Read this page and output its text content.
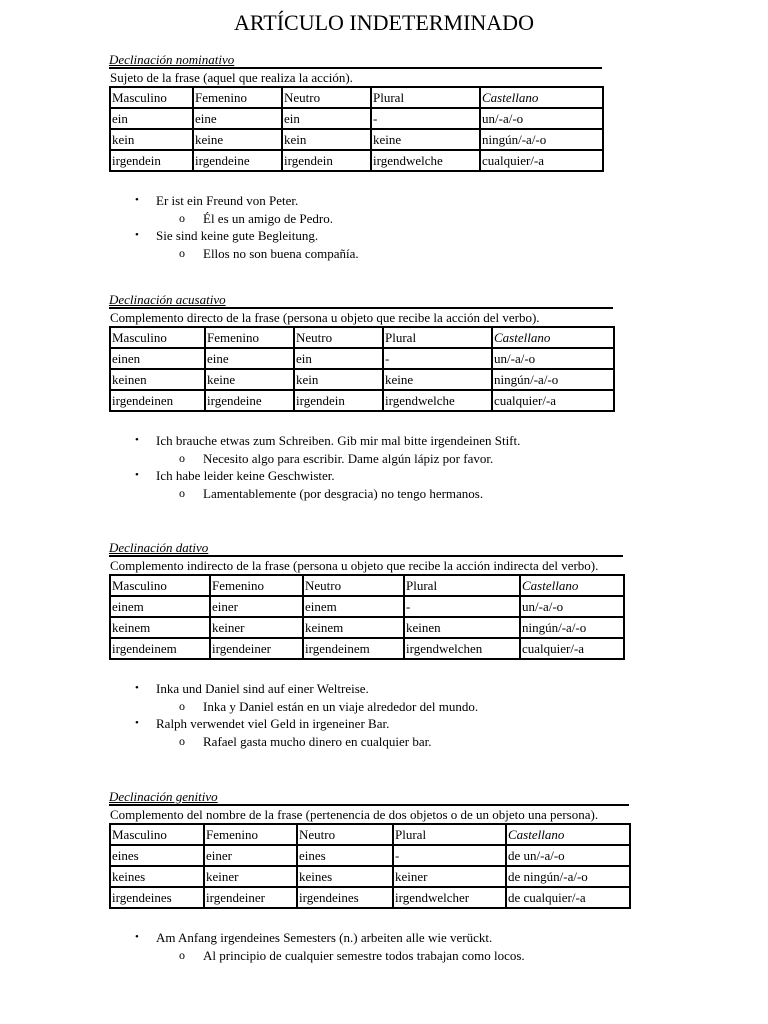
ARTÍCULO INDETERMINADO
Declinación nominativo
Sujeto de la frase (aquel que realiza la acción).
Masculino	Femenino	Neutro	Plural	Castellano
ein	eine	ein	-	un/-a/-o
kein	keine	kein	keine	ningún/-a/-o
irgendein	irgendeine	irgendein	irgendwelche	cualquier/-a
• Er ist ein Freund von Peter.
o Él es un amigo de Pedro.
• Sie sind keine gute Begleitung.
o Ellos no son buena compañía.
Declinación acusativo
Complemento directo de la frase (persona u objeto que recibe la acción del verbo).
Masculino	Femenino	Neutro	Plural	Castellano
einen	eine	ein	-	un/-a/-o
keinen	keine	kein	keine	ningún/-a/-o
irgendeinen	irgendeine	irgendein	irgendwelche	cualquier/-a
• Ich brauche etwas zum Schreiben. Gib mir mal bitte irgendeinen Stift.
o Necesito algo para escribir. Dame algún lápiz por favor.
• Ich habe leider keine Geschwister.
o Lamentablemente (por desgracia) no tengo hermanos.
Declinación dativo
Complemento indirecto de la frase (persona u objeto que recibe la acción indirecta del verbo).
Masculino	Femenino	Neutro	Plural	Castellano
einem	einer	einem	-	un/-a/-o
keinem	keiner	keinem	keinen	ningún/-a/-o
irgendeinem	irgendeiner	irgendeinem	irgendwelchen	cualquier/-a
• Inka und Daniel sind auf einer Weltreise.
o Inka y Daniel están en un viaje alrededor del mundo.
• Ralph verwendet viel Geld in irgeneiner Bar.
o Rafael gasta mucho dinero en cualquier bar.
Declinación genitivo
Complemento del nombre de la frase (pertenencia de dos objetos o de un objeto una persona).
Masculino	Femenino	Neutro	Plural	Castellano
eines	einer	eines	-	de un/-a/-o
keines	keiner	keines	keiner	de ningún/-a/-o
irgendeines	irgendeiner	irgendeines	irgendwelcher	de cualquier/-a
• Am Anfang irgendeines Semesters (n.) arbeiten alle wie verückt.
o Al principio de cualquier semestre todos trabajan como locos.
